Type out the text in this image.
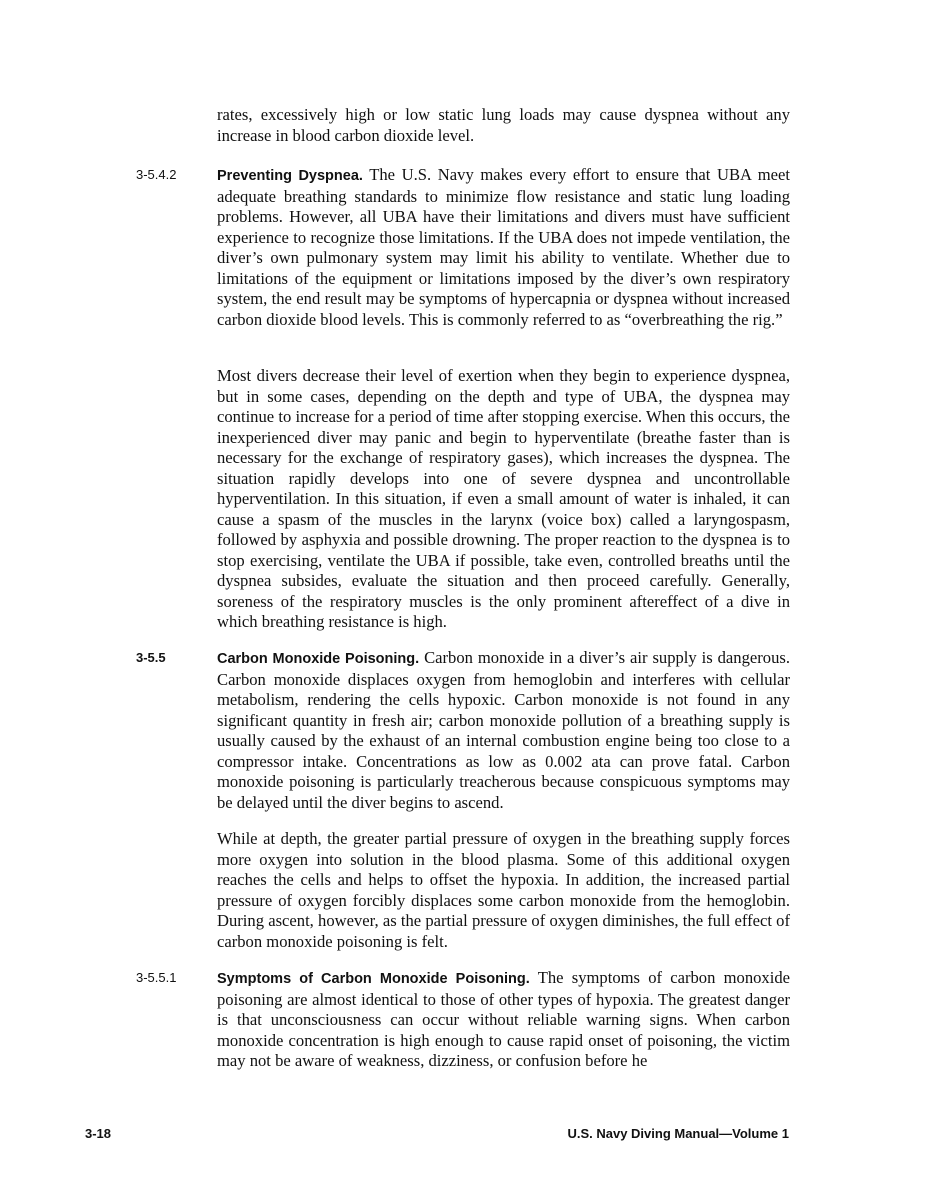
rates, excessively high or low static lung loads may cause dyspnea without any increase in blood carbon dioxide level.

3-5.4.2	Preventing Dyspnea. The U.S. Navy makes every effort to ensure that UBA meet adequate breathing standards to minimize flow resistance and static lung loading problems. However, all UBA have their limitations and divers must have sufficient experience to recognize those limitations. If the UBA does not impede ventilation, the diver’s own pulmonary system may limit his ability to ventilate. Whether due to limitations of the equipment or limitations imposed by the diver’s own respiratory system, the end result may be symptoms of hypercapnia or dyspnea without increased carbon dioxide blood levels. This is commonly referred to as “overbreathing the rig.”

Most divers decrease their level of exertion when they begin to experience dyspnea, but in some cases, depending on the depth and type of UBA, the dyspnea may continue to increase for a period of time after stopping exercise. When this occurs, the inexperienced diver may panic and begin to hyperventilate (breathe faster than is necessary for the exchange of respiratory gases), which increases the dyspnea. The situation rapidly develops into one of severe dyspnea and uncontrollable hyperventilation. In this situation, if even a small amount of water is inhaled, it can cause a spasm of the muscles in the larynx (voice box) called a laryngospasm, followed by asphyxia and possible drowning. The proper reaction to the dyspnea is to stop exercising, ventilate the UBA if possible, take even, controlled breaths until the dyspnea subsides, evaluate the situation and then proceed carefully. Generally, soreness of the respiratory muscles is the only prominent aftereffect of a dive in which breathing resistance is high.

3-5.5	Carbon Monoxide Poisoning. Carbon monoxide in a diver’s air supply is dangerous. Carbon monoxide displaces oxygen from hemoglobin and interferes with cellular metabolism, rendering the cells hypoxic. Carbon monoxide is not found in any significant quantity in fresh air; carbon monoxide pollution of a breathing supply is usually caused by the exhaust of an internal combustion engine being too close to a compressor intake. Concentrations as low as 0.002 ata can prove fatal. Carbon monoxide poisoning is particularly treacherous because conspicuous symptoms may be delayed until the diver begins to ascend.

While at depth, the greater partial pressure of oxygen in the breathing supply forces more oxygen into solution in the blood plasma. Some of this additional oxygen reaches the cells and helps to offset the hypoxia. In addition, the increased partial pressure of oxygen forcibly displaces some carbon monoxide from the hemoglobin. During ascent, however, as the partial pressure of oxygen diminishes, the full effect of carbon monoxide poisoning is felt.

3-5.5.1	Symptoms of Carbon Monoxide Poisoning. The symptoms of carbon monoxide poisoning are almost identical to those of other types of hypoxia. The greatest danger is that unconsciousness can occur without reliable warning signs. When carbon monoxide concentration is high enough to cause rapid onset of poisoning, the victim may not be aware of weakness, dizziness, or confusion before he

3-18	U.S. Navy Diving Manual—Volume 1
